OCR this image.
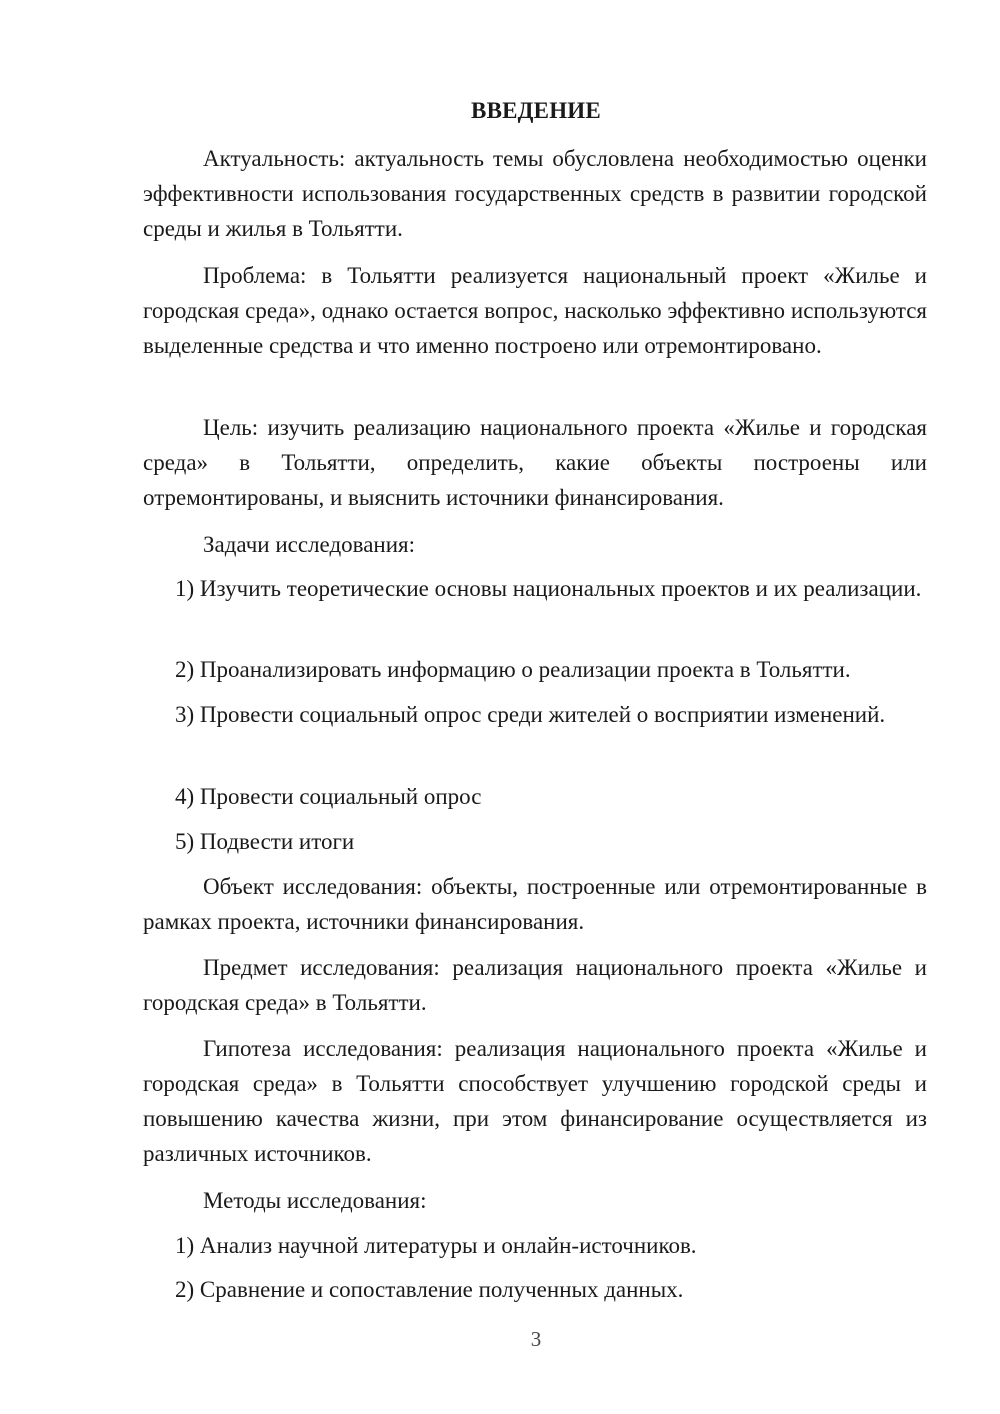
ВВЕДЕНИЕ

Актуальность: актуальность темы обусловлена необходимостью оценки эффективности использования государственных средств в развитии городской среды и жилья в Тольятти.

Проблема: в Тольятти реализуется национальный проект «Жилье и городская среда», однако остается вопрос, насколько эффективно используются выделенные средства и что именно построено или отремонтировано.

Цель: изучить реализацию национального проекта «Жилье и городская среда» в Тольятти, определить, какие объекты построены или отремонтированы, и выяснить источники финансирования.

Задачи исследования:

1) Изучить теоретические основы национальных проектов и их реализации.

2) Проанализировать информацию о реализации проекта в Тольятти.

3) Провести социальный опрос среди жителей о восприятии изменений.

4) Провести социальный опрос

5) Подвести итоги

Объект исследования: объекты, построенные или отремонтированные в рамках проекта, источники финансирования.

Предмет исследования: реализация национального проекта «Жилье и городская среда» в Тольятти.

Гипотеза исследования: реализация национального проекта «Жилье и городская среда» в Тольятти способствует улучшению городской среды и повышению качества жизни, при этом финансирование осуществляется из различных источников.

Методы исследования:

1) Анализ научной литературы и онлайн-источников.

2) Сравнение и сопоставление полученных данных.

3
